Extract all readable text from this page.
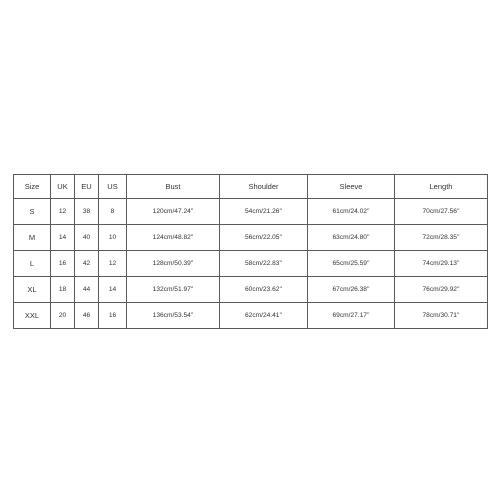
Size	UK	EU	US	Bust	Shoulder	Sleeve	Length
S	12	38	8	120cm/47.24''	54cm/21.26''	61cm/24.02''	70cm/27.56''
M	14	40	10	124cm/48.82''	56cm/22.05''	63cm/24.80''	72cm/28.35''
L	16	42	12	128cm/50.39''	58cm/22.83''	65cm/25.59''	74cm/29.13''
XL	18	44	14	132cm/51.97''	60cm/23.62''	67cm/26.38''	76cm/29.92''
XXL	20	46	16	136cm/53.54''	62cm/24.41''	69cm/27.17''	78cm/30.71''
